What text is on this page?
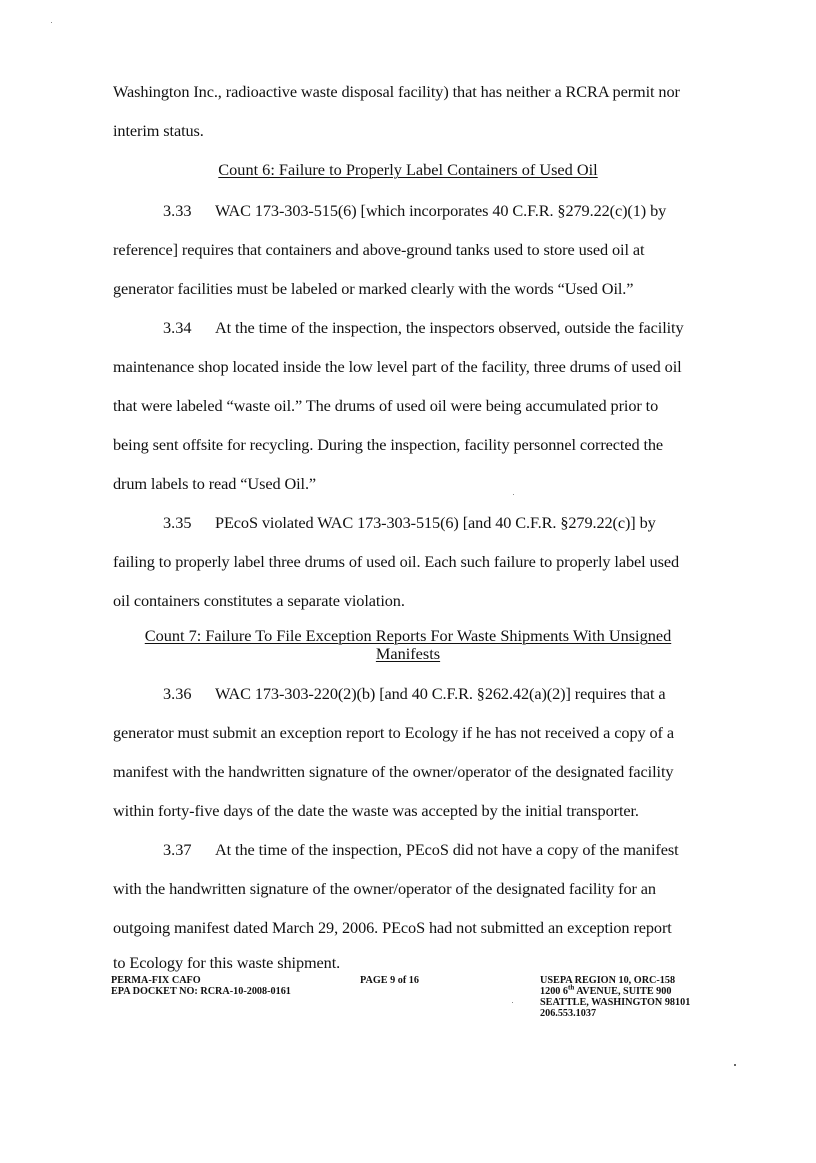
Washington Inc., radioactive waste disposal facility) that has neither a RCRA permit nor
interim status.
Count 6: Failure to Properly Label Containers of Used Oil
3.33 WAC 173-303-515(6) [which incorporates 40 C.F.R. §279.22(c)(1) by
reference] requires that containers and above-ground tanks used to store used oil at
generator facilities must be labeled or marked clearly with the words “Used Oil.”
3.34 At the time of the inspection, the inspectors observed, outside the facility
maintenance shop located inside the low level part of the facility, three drums of used oil
that were labeled “waste oil.” The drums of used oil were being accumulated prior to
being sent offsite for recycling. During the inspection, facility personnel corrected the
drum labels to read “Used Oil.”
3.35 PEcoS violated WAC 173-303-515(6) [and 40 C.F.R. §279.22(c)] by
failing to properly label three drums of used oil. Each such failure to properly label used
oil containers constitutes a separate violation.
Count 7: Failure To File Exception Reports For Waste Shipments With Unsigned
Manifests
3.36 WAC 173-303-220(2)(b) [and 40 C.F.R. §262.42(a)(2)] requires that a
generator must submit an exception report to Ecology if he has not received a copy of a
manifest with the handwritten signature of the owner/operator of the designated facility
within forty-five days of the date the waste was accepted by the initial transporter.
3.37 At the time of the inspection, PEcoS did not have a copy of the manifest
with the handwritten signature of the owner/operator of the designated facility for an
outgoing manifest dated March 29, 2006. PEcoS had not submitted an exception report
to Ecology for this waste shipment.
PERMA-FIX CAFO
EPA DOCKET NO: RCRA-10-2008-0161
PAGE 9 of 16	USEPA REGION 10, ORC-158
1200 6th AVENUE, SUITE 900
SEATTLE, WASHINGTON 98101
206.553.1037
